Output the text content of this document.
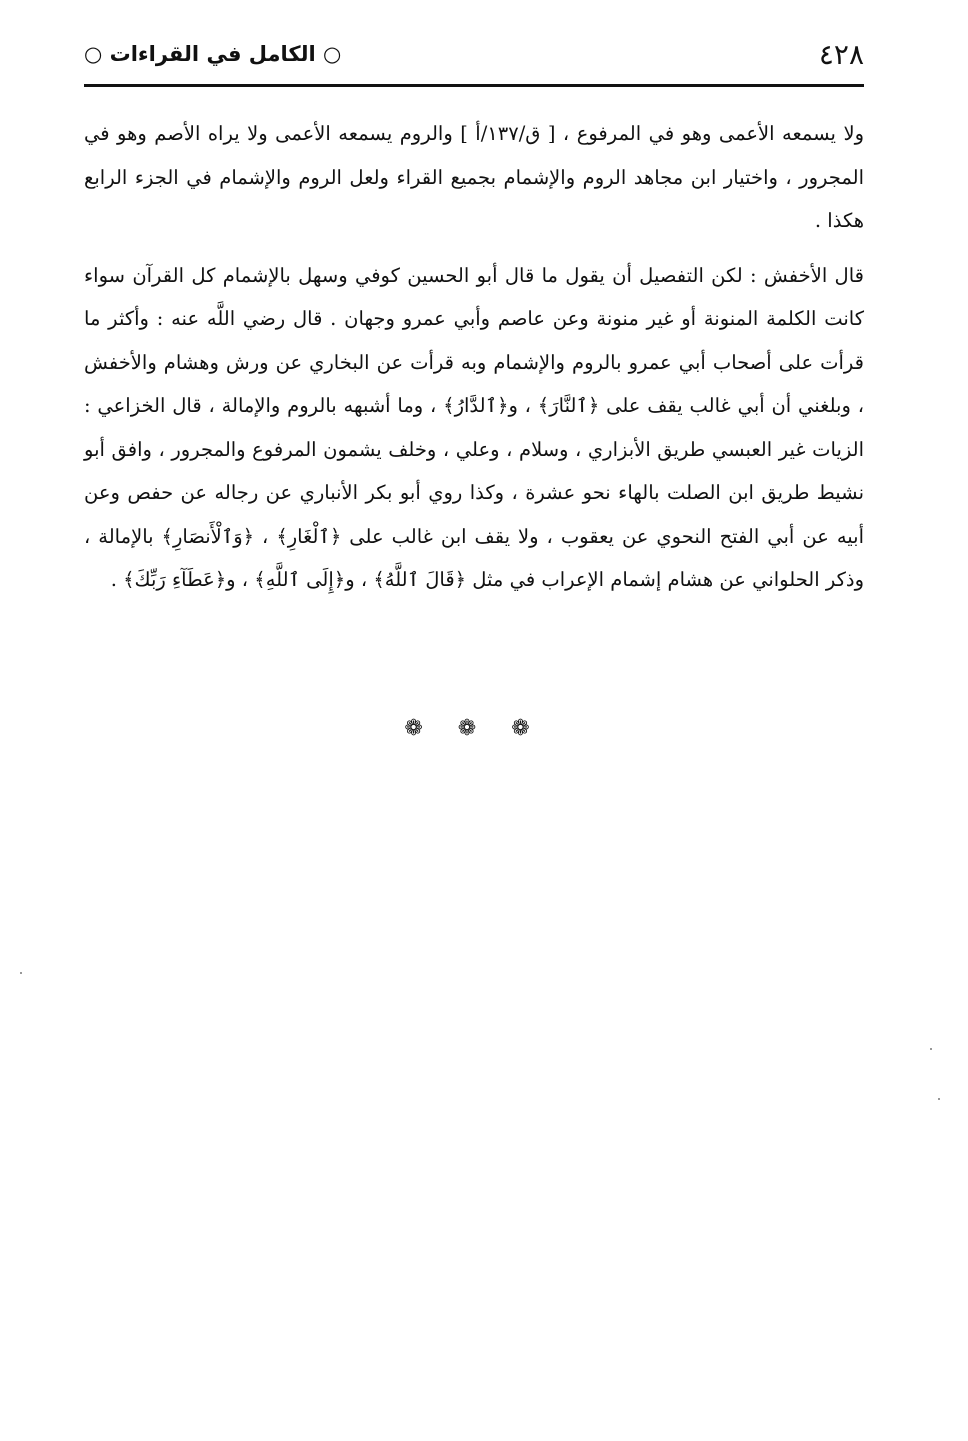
٤٢٨
○ الكامل في القراءات ○

ولا يسمعه الأعمى وهو في المرفوع ، [ ق/١٣٧/أ ] والروم يسمعه الأعمى ولا يراه الأصم وهو في المجرور ، واختيار ابن مجاهد الروم والإشمام بجميع القراء ولعل الروم والإشمام في الجزء الرابع هكذا .

قال الأخفش : لكن التفصيل أن يقول ما قال أبو الحسين كوفي وسهل بالإشمام كل القرآن سواء كانت الكلمة المنونة أو غير منونة وعن عاصم وأبي عمرو وجهان . قال رضي اللَّه عنه : وأكثر ما قرأت على أصحاب أبي عمرو بالروم والإشمام وبه قرأت عن البخاري عن ورش وهشام والأخفش ، وبلغني أن أبي غالب يقف على ﴿ٱلنَّارَ﴾ ، و﴿ٱلدَّارُ﴾ ، وما أشبهه بالروم والإمالة ، قال الخزاعي : الزيات غير العبسي طريق الأبزاري ، وسلام ، وعلي ، وخلف يشمون المرفوع والمجرور ، وافق أبو نشيط طريق ابن الصلت بالهاء نحو عشرة ، وكذا روي أبو بكر الأنباري عن رجاله عن حفص وعن أبيه عن أبي الفتح النحوي عن يعقوب ، ولا يقف ابن غالب على ﴿ٱلْغَارِ﴾ ، ﴿وَٱلْأَنصَارِ﴾ بالإمالة ، وذكر الحلواني عن هشام إشمام الإعراب في مثل ﴿قَالَ ٱللَّهُ﴾ ، و﴿إِلَى ٱللَّهِ﴾ ، و﴿عَطَآءِ رَبِّكَ﴾ .

❁ ❁ ❁
